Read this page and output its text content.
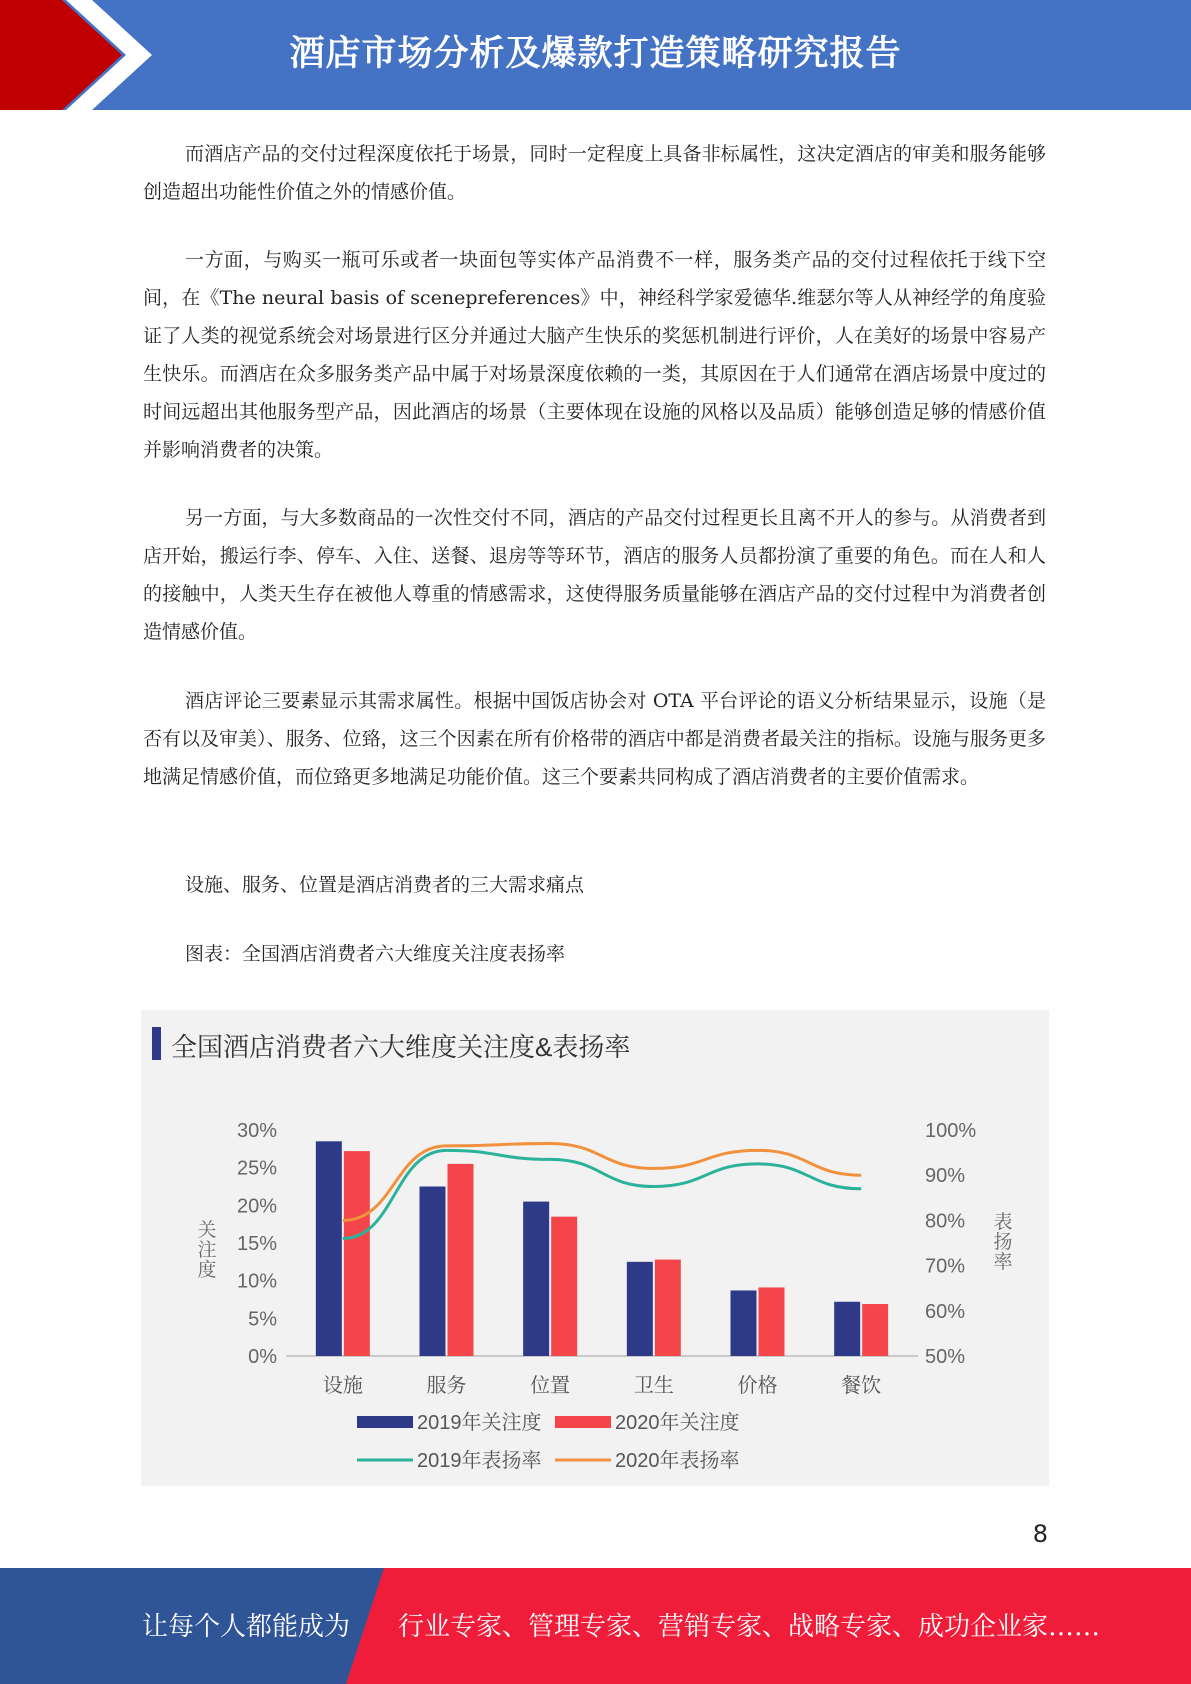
酒店市场分析及爆款打造策略研究报告

而酒店产品的交付过程深度依托于场景，同时一定程度上具备非标属性，这决定酒店的审美和服务能够创造超出功能性价值之外的情感价值。

一方面，与购买一瓶可乐或者一块面包等实体产品消费不一样，服务类产品的交付过程依托于线下空间，在《The neural basis of scenepreferences》中，神经科学家爱德华.维瑟尔等人从神经学的角度验证了人类的视觉系统会对场景进行区分并通过大脑产生快乐的奖惩机制进行评价，人在美好的场景中容易产生快乐。而酒店在众多服务类产品中属于对场景深度依赖的一类，其原因在于人们通常在酒店场景中度过的时间远超出其他服务型产品，因此酒店的场景（主要体现在设施的风格以及品质）能够创造足够的情感价值并影响消费者的决策。

另一方面，与大多数商品的一次性交付不同，酒店的产品交付过程更长且离不开人的参与。从消费者到店开始，搬运行李、停车、入住、送餐、退房等等环节，酒店的服务人员都扮演了重要的角色。而在人和人的接触中，人类天生存在被他人尊重的情感需求，这使得服务质量能够在酒店产品的交付过程中为消费者创造情感价值。

酒店评论三要素显示其需求属性。根据中国饭店协会对 OTA 平台评论的语义分析结果显示，设施（是否有以及审美）、服务、位臵，这三个因素在所有价格带的酒店中都是消费者最关注的指标。设施与服务更多地满足情感价值，而位臵更多地满足功能价值。这三个要素共同构成了酒店消费者的主要价值需求。

设施、服务、位置是酒店消费者的三大需求痛点

图表：全国酒店消费者六大维度关注度表扬率

全国酒店消费者六大维度关注度&表扬率
0%
5%
10%
15%
20%
25%
30%
50%
60%
70%
80%
90%
100%
关
注
度
表
扬
率
设施	服务	位置	卫生	价格	餐饮
2019年关注度	2020年关注度
2019年表扬率	2020年表扬率
8
让每个人都能成为 行业专家、管理专家、营销专家、战略专家、成功企业家……
